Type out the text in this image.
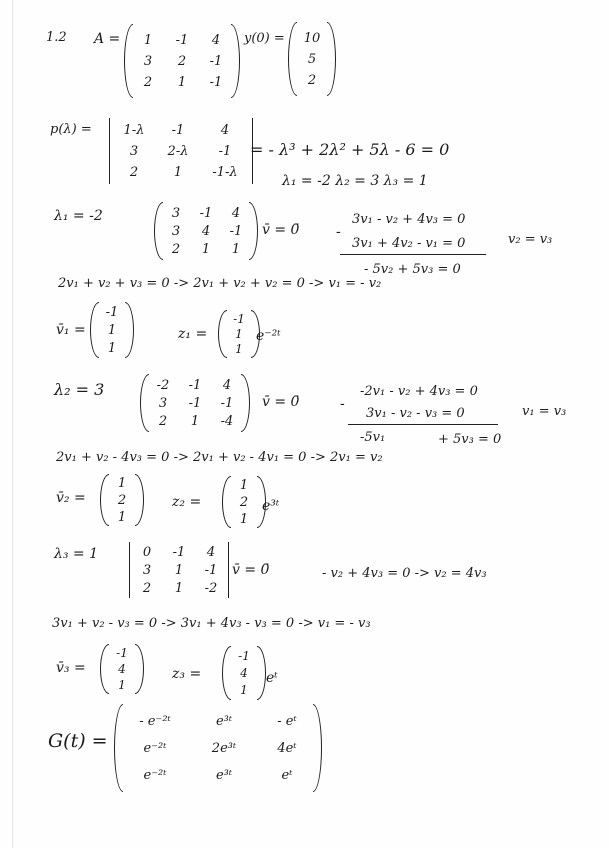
1.2 A =	1	-1	4
3	2	-1
2	1	-1
y(0) = 10
5
2
p(λ) =	1-λ	-1	4
3	2-λ	-1
2	1	-1-λ
= - λ³ + 2λ² + 5λ - 6 = 0
λ₁ = -2 λ₂ = 3 λ₃ = 1
λ₁ = -2	3	-1	4
3	4	-1
2	1	1
v̄ = 0̄
3v₁ - v₂ + 4v₃ = 0
-
3v₁ + 4v₂ - v₁ = 0
- 5v₂ + 5v₃ = 0
v₂ = v₃
2v₁ + v₂ + v₃ = 0 -> 2v₁ + v₂ + v₂ = 0 -> v₁ = - v₂
v̄₁ =
-1
1
1
z₁ =
-1
1
1
e⁻²ᵗ
λ₂ = 3	-2 -1	4
3	-1 -1
2	1	-4
v̄ = 0̄
-2v₁ - v₂ + 4v₃ = 0
-
3v₁ - v₂ - v₃ = 0
-5v₁	+ 5v₃ = 0
v₁ = v₃
2v₁ + v₂ - 4v₃ = 0 -> 2v₁ + v₂ - 4v₁ = 0 -> 2v₁ = v₂
v̄₂ =
1
2
1
z₂ =
1
2
1
e³ᵗ
λ₃ = 1	0	-1	4
3	1	-1
2	1	-2
v̄ = 0̄	- v₂ + 4v₃ = 0 -> v₂ = 4v₃
3v₁ + v₂ - v₃ = 0 -> 3v₁ + 4v₃ - v₃ = 0 -> v₁ = - v₃
v̄₃ =
-1
4
1
z₃ =
-1
4
1
eᵗ
G(t) =
- e⁻²ᵗ	e³ᵗ	- eᵗ
e⁻²ᵗ	2e³ᵗ	4eᵗ
e⁻²ᵗ	e³ᵗ	eᵗ
